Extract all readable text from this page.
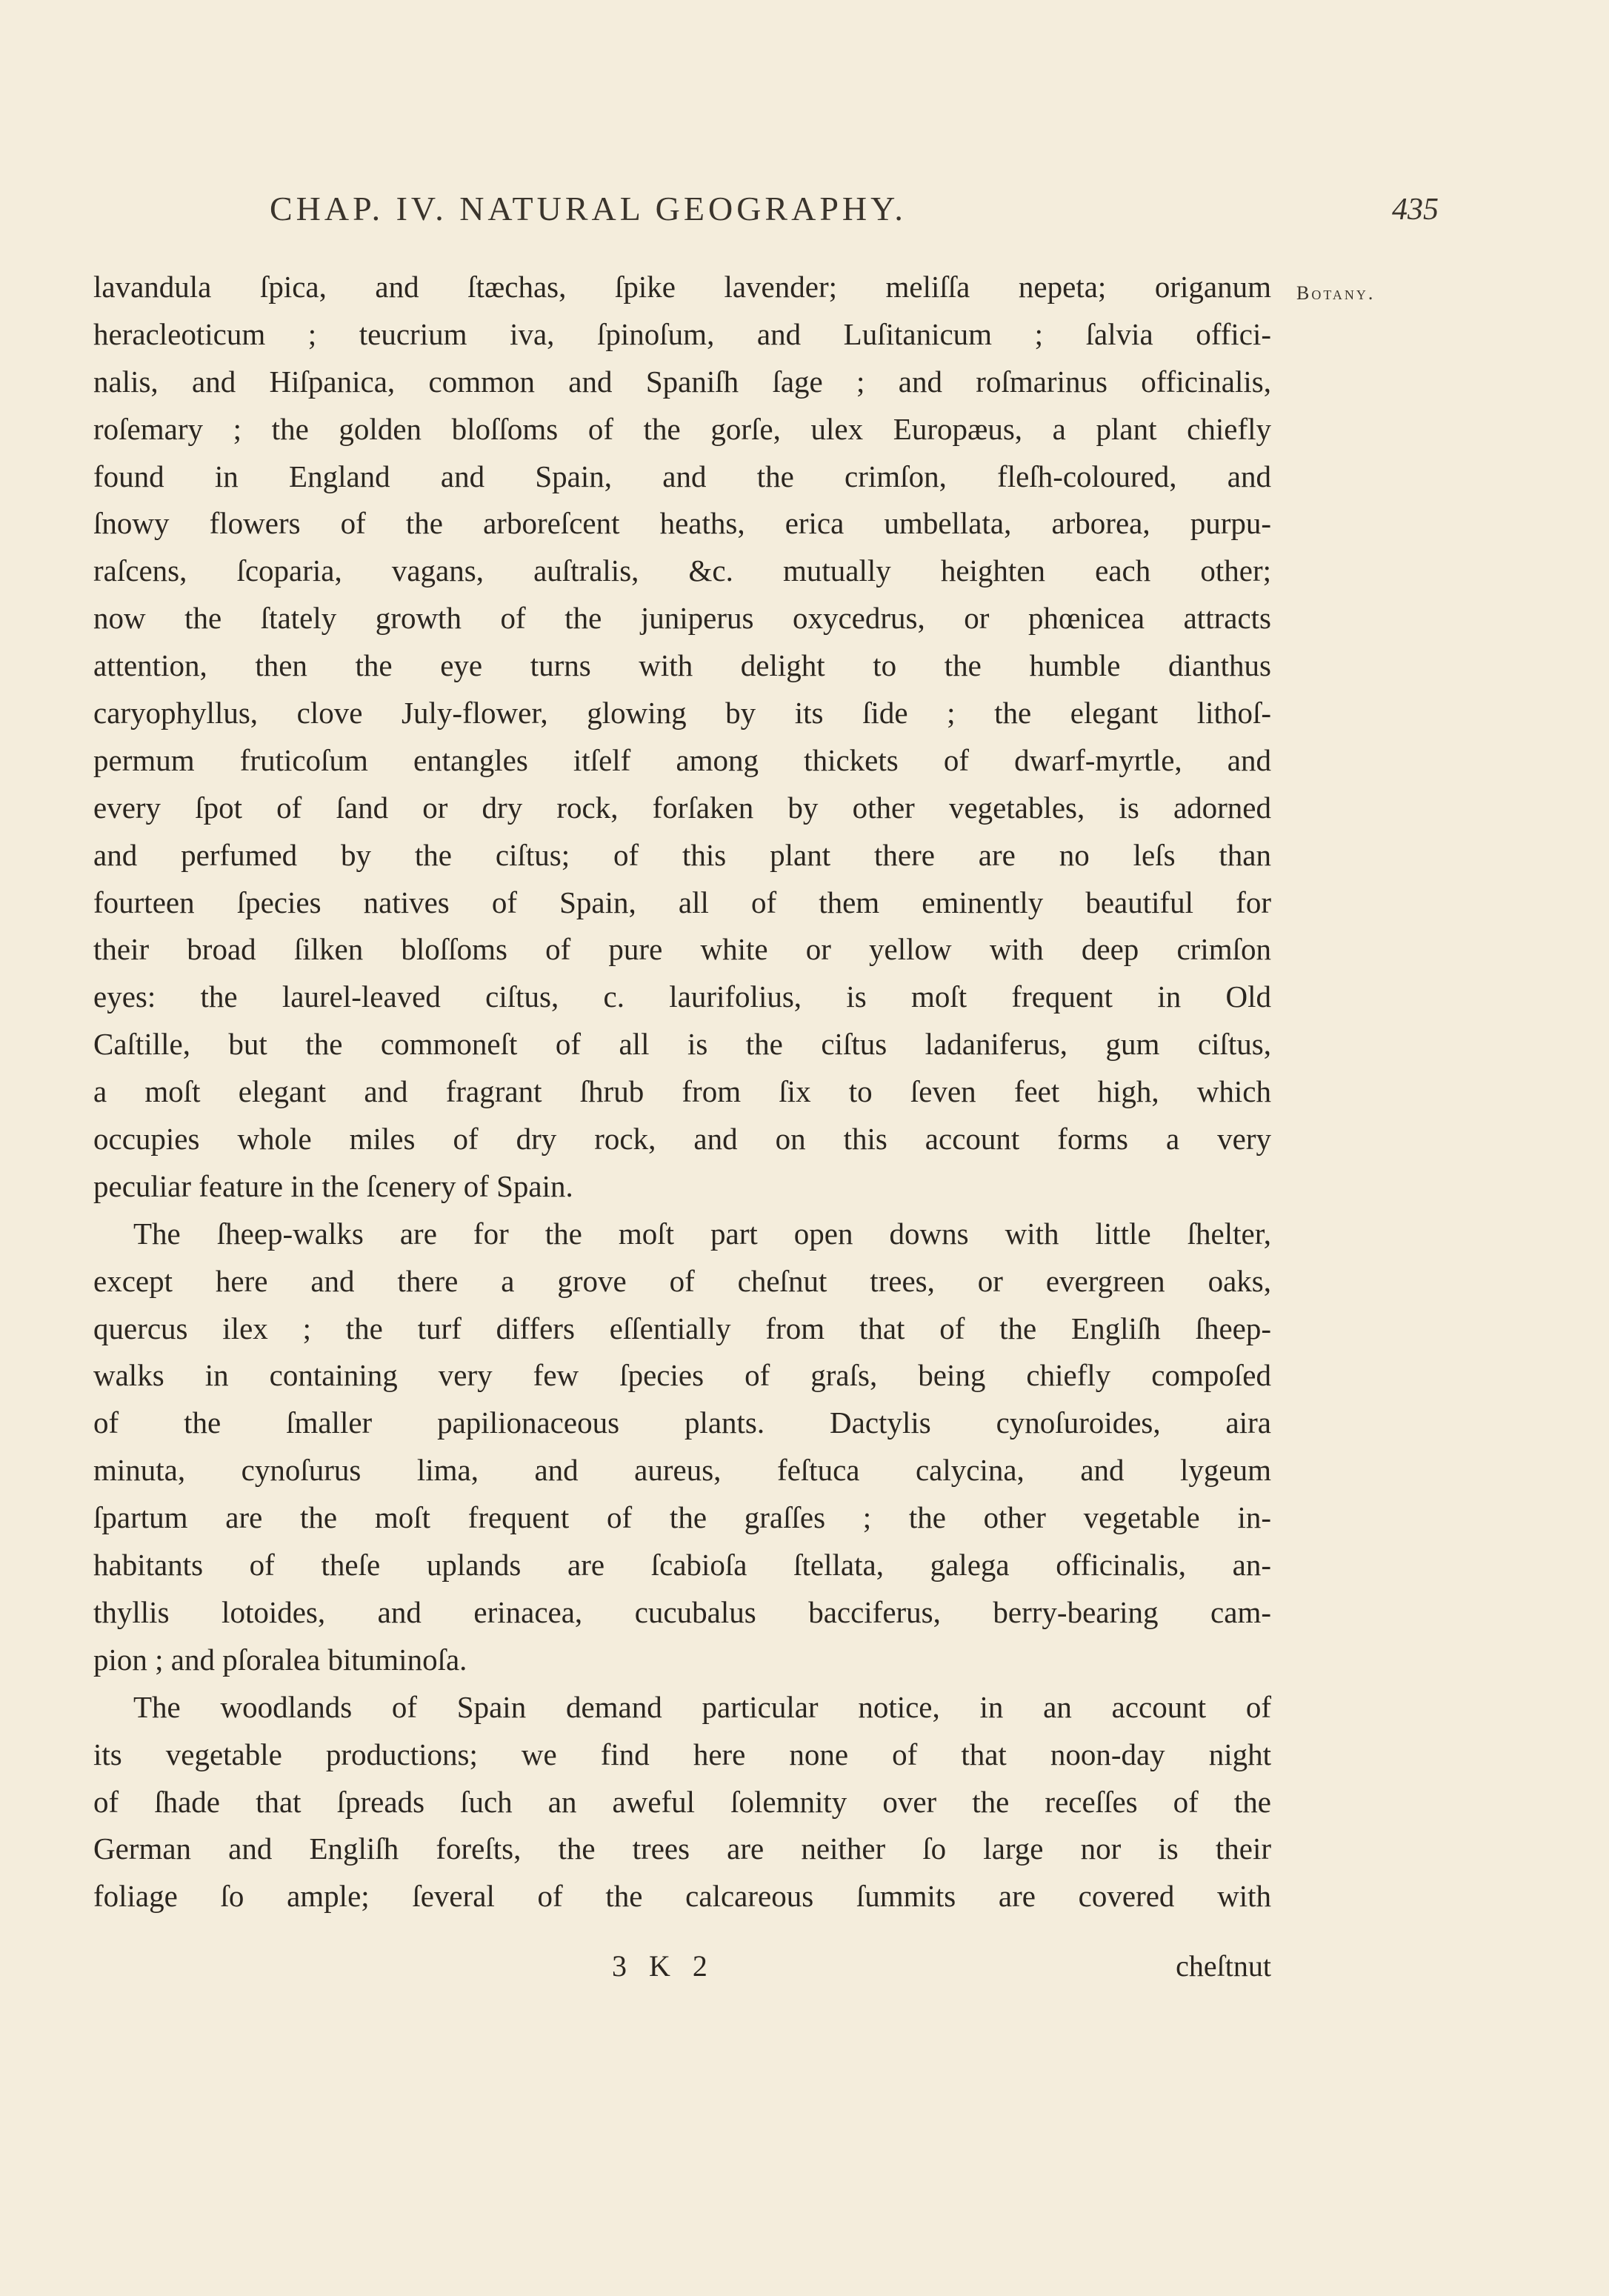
CHAP. IV. NATURAL GEOGRAPHY.	435
Botany.
lavandula ſpica, and ſtæchas, ſpike lavender; meliſſa nepeta; origanum
heracleoticum ; teucrium iva, ſpinoſum, and Luſitanicum ; ſalvia offici-
nalis, and Hiſpanica, common and Spaniſh ſage ; and roſmarinus officinalis,
roſemary ; the golden bloſſoms of the gorſe, ulex Europæus, a plant chiefly
found in England and Spain, and the crimſon, fleſh-coloured, and
ſnowy flowers of the arboreſcent heaths, erica umbellata, arborea, purpu-
raſcens, ſcoparia, vagans, auſtralis, &c. mutually heighten each other;
now the ſtately growth of the juniperus oxycedrus, or phœnicea attracts
attention, then the eye turns with delight to the humble dianthus
caryophyllus, clove July-flower, glowing by its ſide ; the elegant lithoſ-
permum fruticoſum entangles itſelf among thickets of dwarf-myrtle, and
every ſpot of ſand or dry rock, forſaken by other vegetables, is adorned
and perfumed by the ciſtus; of this plant there are no leſs than
fourteen ſpecies natives of Spain, all of them eminently beautiful for
their broad ſilken bloſſoms of pure white or yellow with deep crimſon
eyes: the laurel-leaved ciſtus, c. laurifolius, is moſt frequent in Old
Caſtille, but the commoneſt of all is the ciſtus ladaniferus, gum ciſtus,
a moſt elegant and fragrant ſhrub from ſix to ſeven feet high, which
occupies whole miles of dry rock, and on this account forms a very
peculiar feature in the ſcenery of Spain.
The ſheep-walks are for the moſt part open downs with little ſhelter,
except here and there a grove of cheſnut trees, or evergreen oaks,
quercus ilex ; the turf differs eſſentially from that of the Engliſh ſheep-
walks in containing very few ſpecies of graſs, being chiefly compoſed
of the ſmaller papilionaceous plants. Dactylis cynoſuroides, aira
minuta, cynoſurus lima, and aureus, feſtuca calycina, and lygeum
ſpartum are the moſt frequent of the graſſes ; the other vegetable in-
habitants of theſe uplands are ſcabioſa ſtellata, galega officinalis, an-
thyllis lotoides, and erinacea, cucubalus bacciferus, berry-bearing cam-
pion ; and pſoralea bituminoſa.
The woodlands of Spain demand particular notice, in an account of
its vegetable productions; we find here none of that noon-day night
of ſhade that ſpreads ſuch an aweful ſolemnity over the receſſes of the
German and Engliſh foreſts, the trees are neither ſo large nor is their
foliage ſo ample; ſeveral of the calcareous ſummits are covered with
3 K 2	cheſtnut
